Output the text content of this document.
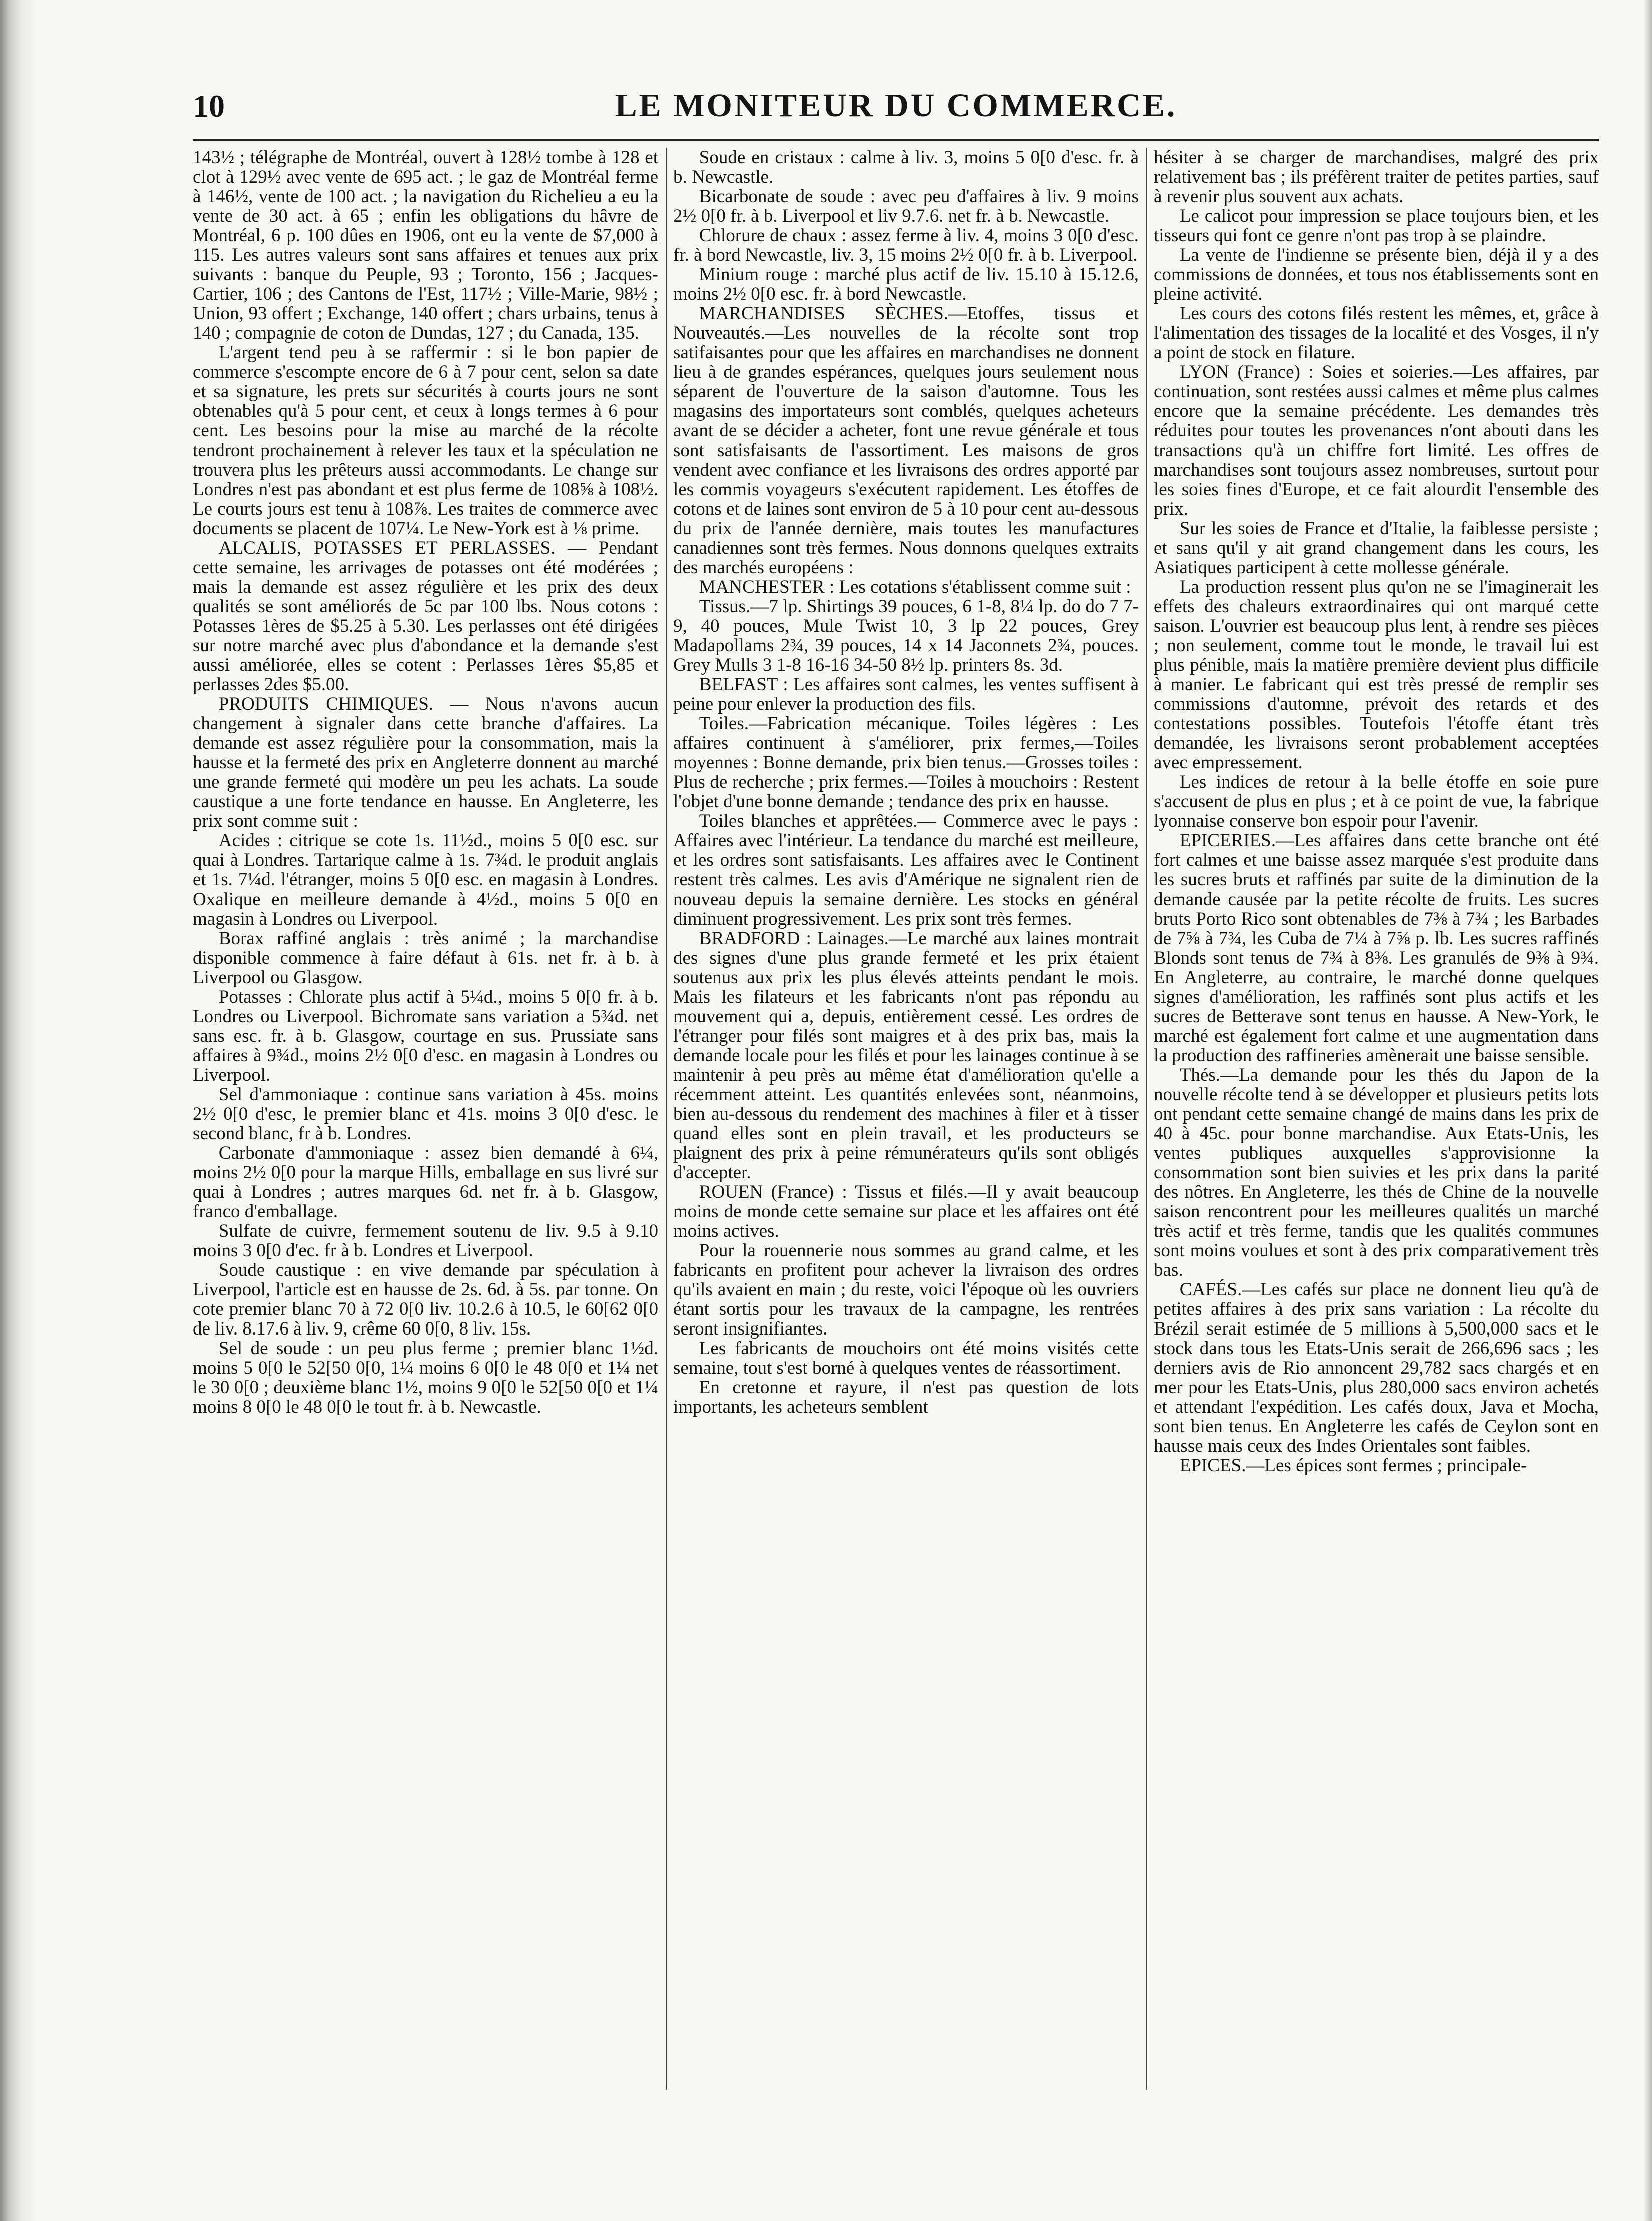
10	LE MONITEUR DU COMMERCE.

143½ ; télégraphe de Montréal, ouvert à 128½ tombe à 128 et clot à 129½ avec vente de 695 act. ; le gaz de Montréal ferme à 146½, vente de 100 act. ; la navigation du Richelieu a eu la vente de 30 act. à 65 ; enfin les obligations du hâvre de Montréal, 6 p. 100 dûes en 1906, ont eu la vente de $7,000 à 115. Les autres valeurs sont sans affaires et tenues aux prix suivants : banque du Peuple, 93 ; Toronto, 156 ; Jacques-Cartier, 106 ; des Cantons de l'Est, 117½ ; Ville-Marie, 98½ ; Union, 93 offert ; Exchange, 140 offert ; chars urbains, tenus à 140 ; compagnie de coton de Dundas, 127 ; du Canada, 135.

L'argent tend peu à se raffermir : si le bon papier de commerce s'escompte encore de 6 à 7 pour cent, selon sa date et sa signature, les prets sur sécurités à courts jours ne sont obtenables qu'à 5 pour cent, et ceux à longs termes à 6 pour cent. Les besoins pour la mise au marché de la récolte tendront prochainement à relever les taux et la spéculation ne trouvera plus les prêteurs aussi accommodants. Le change sur Londres n'est pas abondant et est plus ferme de 108⅝ à 108½. Le courts jours est tenu à 108⅞. Les traites de commerce avec documents se placent de 107¼. Le New-York est à ⅛ prime.

ALCALIS, POTASSES ET PERLASSES. — Pendant cette semaine, les arrivages de potasses ont été modérées ; mais la demande est assez régulière et les prix des deux qualités se sont améliorés de 5c par 100 lbs. Nous cotons : Potasses 1ères de $5.25 à 5.30. Les perlasses ont été dirigées sur notre marché avec plus d'abondance et la demande s'est aussi améliorée, elles se cotent : Perlasses 1ères $5,85 et perlasses 2des $5.00.

PRODUITS CHIMIQUES. — Nous n'avons aucun changement à signaler dans cette branche d'affaires. La demande est assez régulière pour la consommation, mais la hausse et la fermeté des prix en Angleterre donnent au marché une grande fermeté qui modère un peu les achats. La soude caustique a une forte tendance en hausse. En Angleterre, les prix sont comme suit :

Acides : citrique se cote 1s. 11½d., moins 5 0[0 esc. sur quai à Londres. Tartarique calme à 1s. 7¾d. le produit anglais et 1s. 7¼d. l'étranger, moins 5 0[0 esc. en magasin à Londres. Oxalique en meilleure demande à 4½d., moins 5 0[0 en magasin à Londres ou Liverpool.

Borax raffiné anglais : très animé ; la marchandise disponible commence à faire défaut à 61s. net fr. à b. à Liverpool ou Glasgow.

Potasses : Chlorate plus actif à 5¼d., moins 5 0[0 fr. à b. Londres ou Liverpool. Bichromate sans variation a 5¾d. net sans esc. fr. à b. Glasgow, courtage en sus. Prussiate sans affaires à 9¾d., moins 2½ 0[0 d'esc. en magasin à Londres ou Liverpool.

Sel d'ammoniaque : continue sans variation à 45s. moins 2½ 0[0 d'esc, le premier blanc et 41s. moins 3 0[0 d'esc. le second blanc, fr à b. Londres.

Carbonate d'ammoniaque : assez bien demandé à 6¼, moins 2½ 0[0 pour la marque Hills, emballage en sus livré sur quai à Londres ; autres marques 6d. net fr. à b. Glasgow, franco d'emballage.

Sulfate de cuivre, fermement soutenu de liv. 9.5 à 9.10 moins 3 0[0 d'ec. fr à b. Londres et Liverpool.

Soude caustique : en vive demande par spéculation à Liverpool, l'article est en hausse de 2s. 6d. à 5s. par tonne. On cote premier blanc 70 à 72 0[0 liv. 10.2.6 à 10.5, le 60[62 0[0 de liv. 8.17.6 à liv. 9, crême 60 0[0, 8 liv. 15s.

Sel de soude : un peu plus ferme ; premier blanc 1½d. moins 5 0[0 le 52[50 0[0, 1¼ moins 6 0[0 le 48 0[0 et 1¼ net le 30 0[0 ; deuxième blanc 1½, moins 9 0[0 le 52[50 0[0 et 1¼ moins 8 0[0 le 48 0[0 le tout fr. à b. Newcastle.

Soude en cristaux : calme à liv. 3, moins 5 0[0 d'esc. fr. à b. Newcastle.

Bicarbonate de soude : avec peu d'affaires à liv. 9 moins 2½ 0[0 fr. à b. Liverpool et liv 9.7.6. net fr. à b. Newcastle.

Chlorure de chaux : assez ferme à liv. 4, moins 3 0[0 d'esc. fr. à bord Newcastle, liv. 3, 15 moins 2½ 0[0 fr. à b. Liverpool.

Minium rouge : marché plus actif de liv. 15.10 à 15.12.6, moins 2½ 0[0 esc. fr. à bord Newcastle.

MARCHANDISES SÈCHES.—Etoffes, tissus et Nouveautés.—Les nouvelles de la récolte sont trop satifaisantes pour que les affaires en marchandises ne donnent lieu à de grandes espérances, quelques jours seulement nous séparent de l'ouverture de la saison d'automne. Tous les magasins des importateurs sont comblés, quelques acheteurs avant de se décider a acheter, font une revue générale et tous sont satisfaisants de l'assortiment. Les maisons de gros vendent avec confiance et les livraisons des ordres apporté par les commis voyageurs s'exécutent rapidement. Les étoffes de cotons et de laines sont environ de 5 à 10 pour cent au-dessous du prix de l'année dernière, mais toutes les manufactures canadiennes sont très fermes. Nous donnons quelques extraits des marchés européens :

MANCHESTER : Les cotations s'établissent comme suit :

Tissus.—7 lp. Shirtings 39 pouces, 6 1-8, 8¼ lp. do do 7 7-9, 40 pouces, Mule Twist 10, 3 lp 22 pouces, Grey Madapollams 2¾, 39 pouces, 14 x 14 Jaconnets 2¾, pouces. Grey Mulls 3 1-8 16-16 34-50 8½ lp. printers 8s. 3d.

BELFAST : Les affaires sont calmes, les ventes suffisent à peine pour enlever la production des fils.

Toiles.—Fabrication mécanique. Toiles légères : Les affaires continuent à s'améliorer, prix fermes,—Toiles moyennes : Bonne demande, prix bien tenus.—Grosses toiles : Plus de recherche ; prix fermes.—Toiles à mouchoirs : Restent l'objet d'une bonne demande ; tendance des prix en hausse.

Toiles blanches et apprêtées.— Commerce avec le pays : Affaires avec l'intérieur. La tendance du marché est meilleure, et les ordres sont satisfaisants. Les affaires avec le Continent restent très calmes. Les avis d'Amérique ne signalent rien de nouveau depuis la semaine dernière. Les stocks en général diminuent progressivement. Les prix sont très fermes.

BRADFORD : Lainages.—Le marché aux laines montrait des signes d'une plus grande fermeté et les prix étaient soutenus aux prix les plus élevés atteints pendant le mois. Mais les filateurs et les fabricants n'ont pas répondu au mouvement qui a, depuis, entièrement cessé. Les ordres de l'étranger pour filés sont maigres et à des prix bas, mais la demande locale pour les filés et pour les lainages continue à se maintenir à peu près au même état d'amélioration qu'elle a récemment atteint. Les quantités enlevées sont, néanmoins, bien au-dessous du rendement des machines à filer et à tisser quand elles sont en plein travail, et les producteurs se plaignent des prix à peine rémunérateurs qu'ils sont obligés d'accepter.

ROUEN (France) : Tissus et filés.—Il y avait beaucoup moins de monde cette semaine sur place et les affaires ont été moins actives.

Pour la rouennerie nous sommes au grand calme, et les fabricants en profitent pour achever la livraison des ordres qu'ils avaient en main ; du reste, voici l'époque où les ouvriers étant sortis pour les travaux de la campagne, les rentrées seront insignifiantes.

Les fabricants de mouchoirs ont été moins visités cette semaine, tout s'est borné à quelques ventes de réassortiment.

En cretonne et rayure, il n'est pas question de lots importants, les acheteurs semblent

hésiter à se charger de marchandises, malgré des prix relativement bas ; ils préfèrent traiter de petites parties, sauf à revenir plus souvent aux achats.

Le calicot pour impression se place toujours bien, et les tisseurs qui font ce genre n'ont pas trop à se plaindre.

La vente de l'indienne se présente bien, déjà il y a des commissions de données, et tous nos établissements sont en pleine activité.

Les cours des cotons filés restent les mêmes, et, grâce à l'alimentation des tissages de la localité et des Vosges, il n'y a point de stock en filature.

LYON (France) : Soies et soieries.—Les affaires, par continuation, sont restées aussi calmes et même plus calmes encore que la semaine précédente. Les demandes très réduites pour toutes les provenances n'ont abouti dans les transactions qu'à un chiffre fort limité. Les offres de marchandises sont toujours assez nombreuses, surtout pour les soies fines d'Europe, et ce fait alourdit l'ensemble des prix.

Sur les soies de France et d'Italie, la faiblesse persiste ; et sans qu'il y ait grand changement dans les cours, les Asiatiques participent à cette mollesse générale.

La production ressent plus qu'on ne se l'imaginerait les effets des chaleurs extraordinaires qui ont marqué cette saison. L'ouvrier est beaucoup plus lent, à rendre ses pièces ; non seulement, comme tout le monde, le travail lui est plus pénible, mais la matière première devient plus difficile à manier. Le fabricant qui est très pressé de remplir ses commissions d'automne, prévoit des retards et des contestations possibles. Toutefois l'étoffe étant très demandée, les livraisons seront probablement acceptées avec empressement.

Les indices de retour à la belle étoffe en soie pure s'accusent de plus en plus ; et à ce point de vue, la fabrique lyonnaise conserve bon espoir pour l'avenir.

EPICERIES.—Les affaires dans cette branche ont été fort calmes et une baisse assez marquée s'est produite dans les sucres bruts et raffinés par suite de la diminution de la demande causée par la petite récolte de fruits. Les sucres bruts Porto Rico sont obtenables de 7⅜ à 7¾ ; les Barbades de 7⅝ à 7¾, les Cuba de 7¼ à 7⅝ p. lb. Les sucres raffinés Blonds sont tenus de 7¾ à 8⅜. Les granulés de 9⅜ à 9¾. En Angleterre, au contraire, le marché donne quelques signes d'amélioration, les raffinés sont plus actifs et les sucres de Betterave sont tenus en hausse. A New-York, le marché est également fort calme et une augmentation dans la production des raffineries amènerait une baisse sensible.

Thés.—La demande pour les thés du Japon de la nouvelle récolte tend à se développer et plusieurs petits lots ont pendant cette semaine changé de mains dans les prix de 40 à 45c. pour bonne marchandise. Aux Etats-Unis, les ventes publiques auxquelles s'approvisionne la consommation sont bien suivies et les prix dans la parité des nôtres. En Angleterre, les thés de Chine de la nouvelle saison rencontrent pour les meilleures qualités un marché très actif et très ferme, tandis que les qualités communes sont moins voulues et sont à des prix comparativement très bas.

CAFÉS.—Les cafés sur place ne donnent lieu qu'à de petites affaires à des prix sans variation : La récolte du Brézil serait estimée de 5 millions à 5,500,000 sacs et le stock dans tous les Etats-Unis serait de 266,696 sacs ; les derniers avis de Rio annoncent 29,782 sacs chargés et en mer pour les Etats-Unis, plus 280,000 sacs environ achetés et attendant l'expédition. Les cafés doux, Java et Mocha, sont bien tenus. En Angleterre les cafés de Ceylon sont en hausse mais ceux des Indes Orientales sont faibles.

EPICES.—Les épices sont fermes ; principale-
